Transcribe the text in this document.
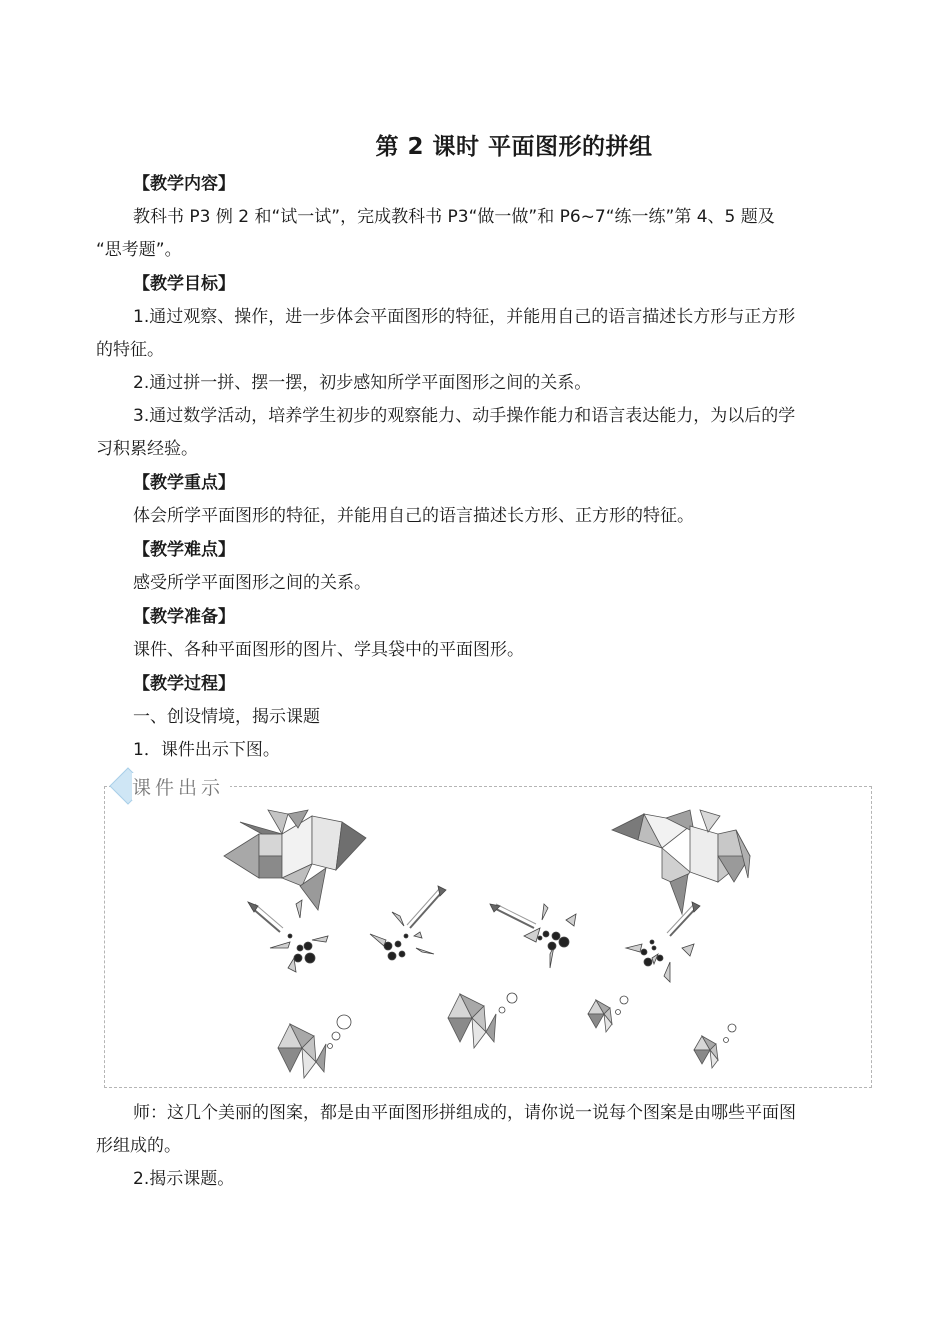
第 2 课时 平面图形的拼组
【教学内容】
教科书 P3 例 2 和“试一试”，完成教科书 P3“做一做”和 P6~7“练一练”第 4、5 题及
“思考题”。
【教学目标】
1.通过观察、操作，进一步体会平面图形的特征，并能用自己的语言描述长方形与正方形
的特征。
2.通过拼一拼、摆一摆，初步感知所学平面图形之间的关系。
3.通过数学活动，培养学生初步的观察能力、动手操作能力和语言表达能力，为以后的学
习积累经验。
【教学重点】
体会所学平面图形的特征，并能用自己的语言描述长方形、正方形的特征。
【教学难点】
感受所学平面图形之间的关系。
【教学准备】
课件、各种平面图形的图片、学具袋中的平面图形。
【教学过程】
一、创设情境，揭示课题
1．课件出示下图。
课件出示
师：这几个美丽的图案，都是由平面图形拼组成的，请你说一说每个图案是由哪些平面图
形组成的。
2.揭示课题。
